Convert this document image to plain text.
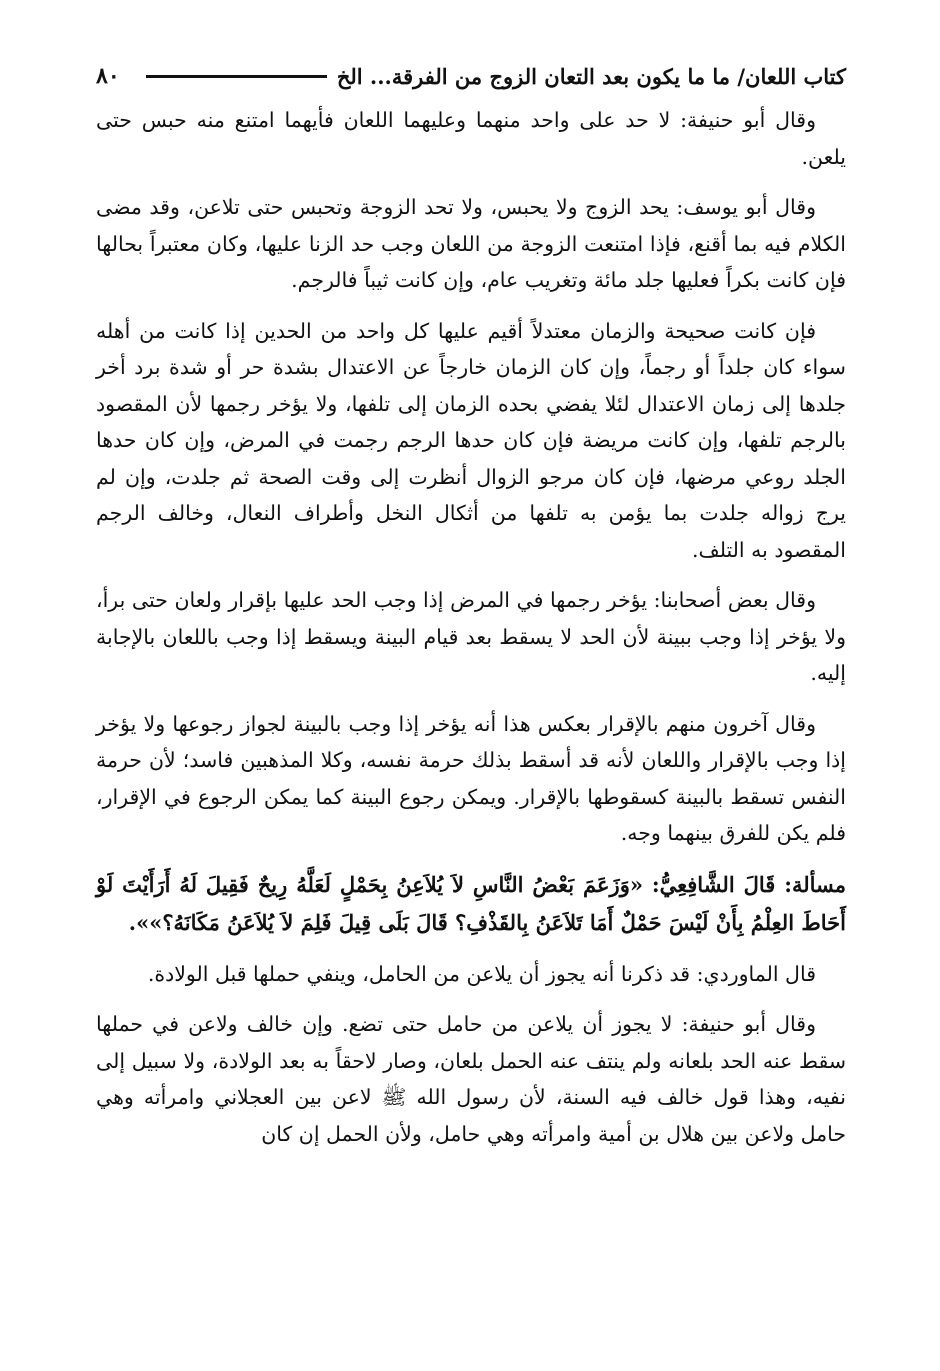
٨٠	كتاب اللعان/ ما ما يكون بعد التعان الزوج من الفرقة... الخ

وقال أبو حنيفة: لا حد على واحد منهما وعليهما اللعان فأيهما امتنع منه حبس حتى يلعن.

وقال أبو يوسف: يحد الزوج ولا يحبس، ولا تحد الزوجة وتحبس حتى تلاعن، وقد مضى الكلام فيه بما أقنع، فإذا امتنعت الزوجة من اللعان وجب حد الزنا عليها، وكان معتبراً بحالها فإن كانت بكراً فعليها جلد مائة وتغريب عام، وإن كانت ثيباً فالرجم.

فإن كانت صحيحة والزمان معتدلاً أقيم عليها كل واحد من الحدين إذا كانت من أهله سواء كان جلداً أو رجماً، وإن كان الزمان خارجاً عن الاعتدال بشدة حر أو شدة برد أخر جلدها إلى زمان الاعتدال لئلا يفضي بحده الزمان إلى تلفها، ولا يؤخر رجمها لأن المقصود بالرجم تلفها، وإن كانت مريضة فإن كان حدها الرجم رجمت في المرض، وإن كان حدها الجلد روعي مرضها، فإن كان مرجو الزوال أنظرت إلى وقت الصحة ثم جلدت، وإن لم يرج زواله جلدت بما يؤمن به تلفها من أثكال النخل وأطراف النعال، وخالف الرجم المقصود به التلف.

وقال بعض أصحابنا: يؤخر رجمها في المرض إذا وجب الحد عليها بإقرار ولعان حتى برأ، ولا يؤخر إذا وجب ببينة لأن الحد لا يسقط بعد قيام البينة ويسقط إذا وجب باللعان بالإجابة إليه.

وقال آخرون منهم بالإقرار بعكس هذا أنه يؤخر إذا وجب بالبينة لجواز رجوعها ولا يؤخر إذا وجب بالإقرار واللعان لأنه قد أسقط بذلك حرمة نفسه، وكلا المذهبين فاسد؛ لأن حرمة النفس تسقط بالبينة كسقوطها بالإقرار. ويمكن رجوع البينة كما يمكن الرجوع في الإقرار، فلم يكن للفرق بينهما وجه.

مسألة: قَالَ الشَّافِعِيُّ: «وَزَعَمَ بَعْضُ النَّاسِ لاَ يُلاَعِنُ بِحَمْلٍ لَعَلَّهُ رِيحٌ فَقِيلَ لَهُ أَرَأَيْتَ لَوْ أَحَاطَ العِلْمُ بِأَنْ لَيْسَ حَمْلٌ أَمَا تَلاَعَنُ بِالقَذْفِ؟ قَالَ بَلَى قِيلَ فَلِمَ لاَ يُلاَعَنُ مَكَانَهُ؟»».

قال الماوردي: قد ذكرنا أنه يجوز أن يلاعن من الحامل، وينفي حملها قبل الولادة.

وقال أبو حنيفة: لا يجوز أن يلاعن من حامل حتى تضع. وإن خالف ولاعن في حملها سقط عنه الحد بلعانه ولم ينتف عنه الحمل بلعان، وصار لاحقاً به بعد الولادة، ولا سبيل إلى نفيه، وهذا قول خالف فيه السنة، لأن رسول الله ﷺ لاعن بين العجلاني وامرأته وهي حامل ولاعن بين هلال بن أمية وامرأته وهي حامل، ولأن الحمل إن كان
